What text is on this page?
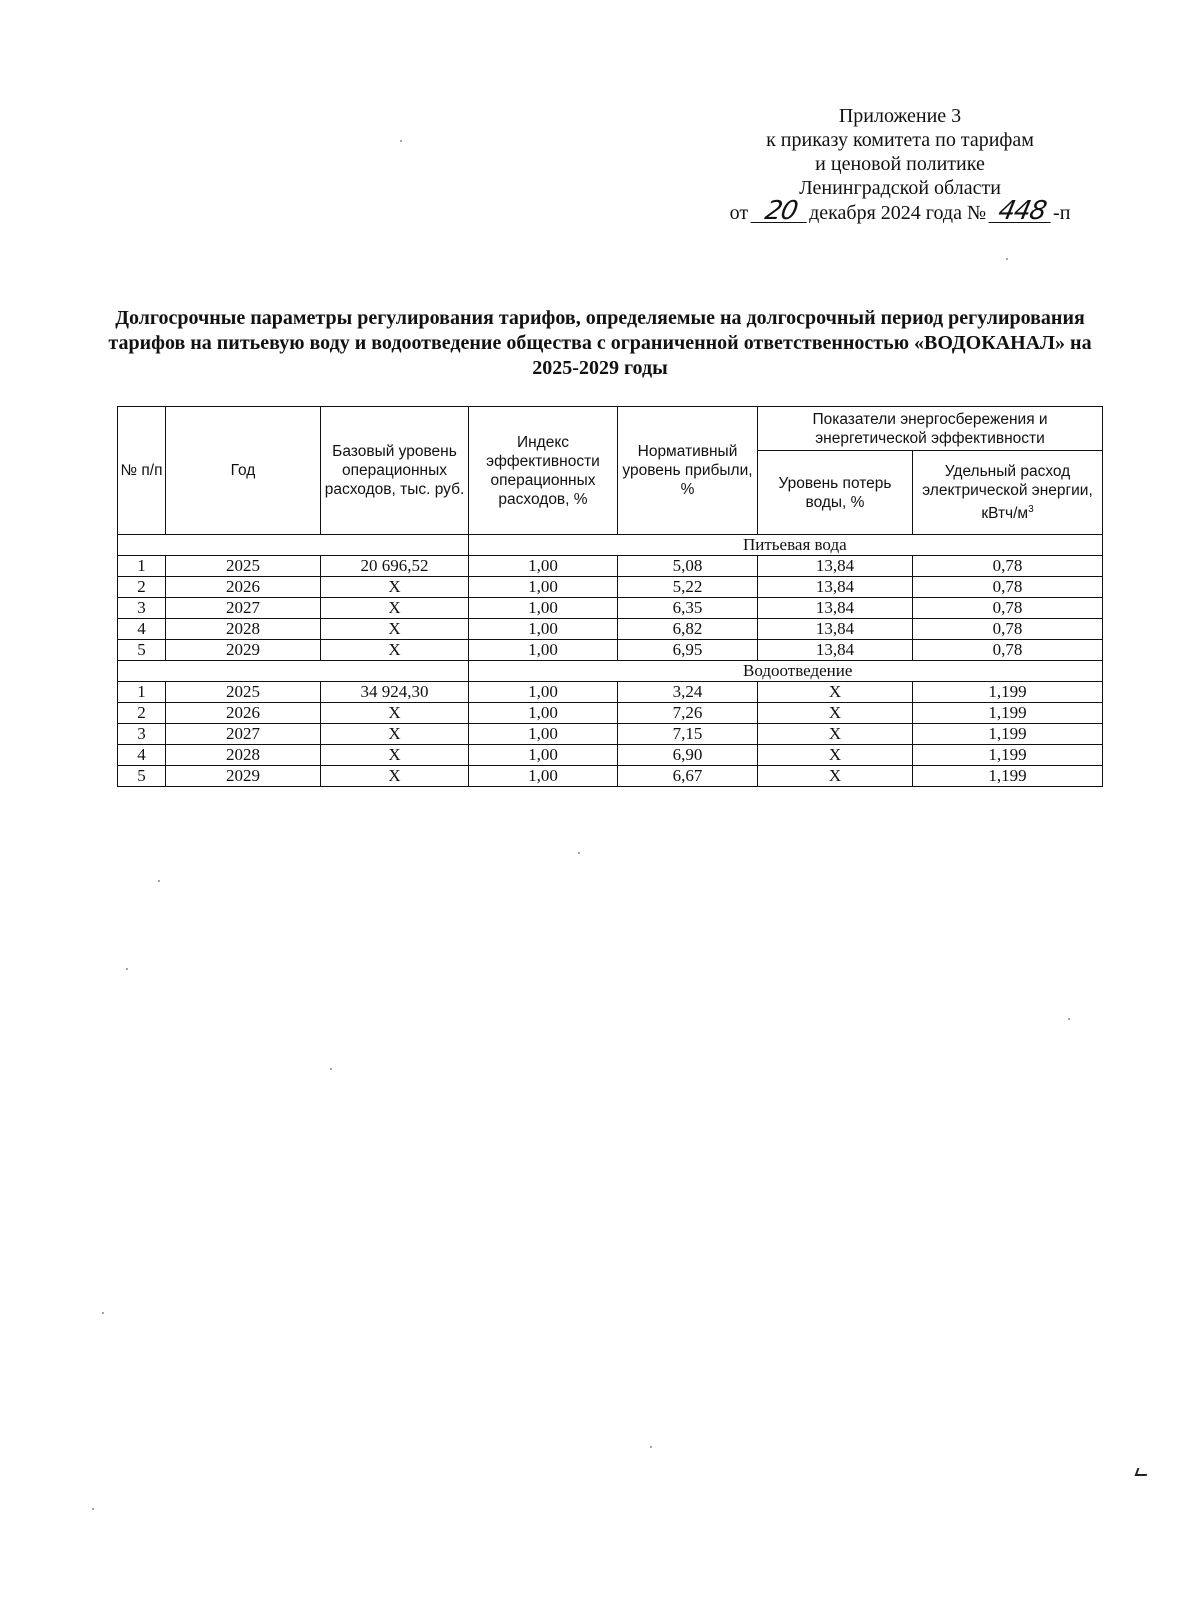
Приложение 3
к приказу комитета по тарифам
и ценовой политике
Ленинградской области
от 20 декабря 2024 года № 448 -п
Долгосрочные параметры регулирования тарифов, определяемые на долгосрочный период регулирования тарифов на питьевую воду и водоотведение общества с ограниченной ответственностью «ВОДОКАНАЛ» на 2025-2029 годы
№ п/п	Год	Базовый уровень операционных расходов, тыс. руб.	Индекс эффективности операционных расходов, %	Нормативный уровень прибыли, %	Показатели энергосбережения и энергетической эффективности	
					Уровень потерь воды, %	Удельный расход электрической энергии, кВтч/$м^3$
			Питьевая вода			
1	2025	20 696,52	1,00	5,08	13,84	0,78
2	2026	X	1,00	5,22	13,84	0,78
3	2027	X	1,00	6,35	13,84	0,78
4	2028	X	1,00	6,82	13,84	0,78
5	2029	X	1,00	6,95	13,84	0,78
			Водоотведение			
1	2025	34 924,30	1,00	3,24	X	1,199
2	2026	X	1,00	7,26	X	1,199
3	2027	X	1,00	7,15	X	1,199
4	2028	X	1,00	6,90	X	1,199
5	2029	X	1,00	6,67	X	1,199
